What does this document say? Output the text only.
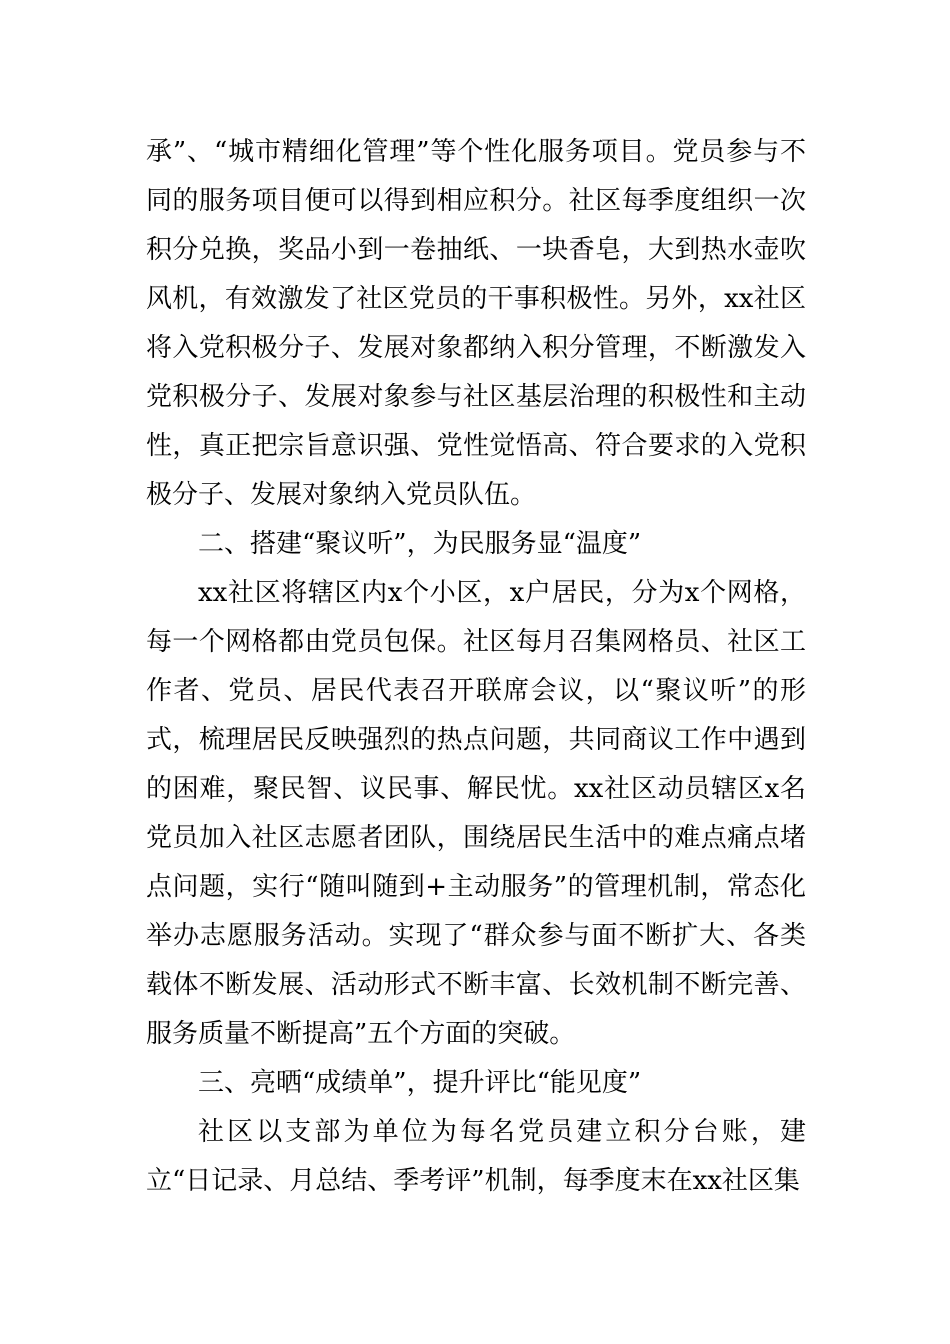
承”、“城市精细化管理”等个性化服务项目。党员参与不同的服务项目便可以得到相应积分。社区每季度组织一次积分兑换，奖品小到一卷抽纸、一块香皂，大到热水壶吹风机，有效激发了社区党员的干事积极性。另外，xx社区将入党积极分子、发展对象都纳入积分管理，不断激发入党积极分子、发展对象参与社区基层治理的积极性和主动性，真正把宗旨意识强、党性觉悟高、符合要求的入党积极分子、发展对象纳入党员队伍。

二、搭建“聚议听”，为民服务显“温度”

xx社区将辖区内x个小区，x户居民，分为x个网格，每一个网格都由党员包保。社区每月召集网格员、社区工作者、党员、居民代表召开联席会议，以“聚议听”的形式，梳理居民反映强烈的热点问题，共同商议工作中遇到的困难，聚民智、议民事、解民忧。xx社区动员辖区x名党员加入社区志愿者团队，围绕居民生活中的难点痛点堵点问题，实行“随叫随到+主动服务”的管理机制，常态化举办志愿服务活动。实现了“群众参与面不断扩大、各类载体不断发展、活动形式不断丰富、长效机制不断完善、服务质量不断提高”五个方面的突破。

三、亮晒“成绩单”，提升评比“能见度”

社区以支部为单位为每名党员建立积分台账，建立“日记录、月总结、季考评”机制，每季度末在xx社区集
